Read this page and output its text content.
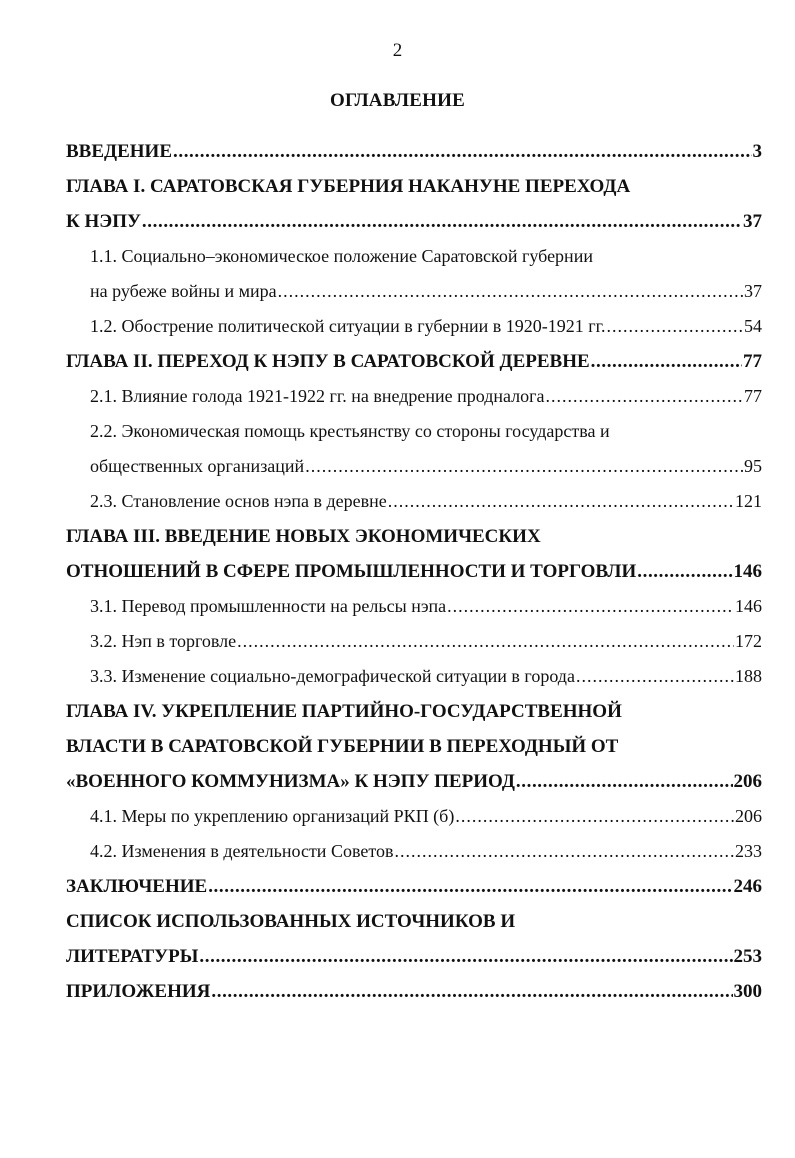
2
ОГЛАВЛЕНИЕ
ВВЕДЕНИЕ .....	3
ГЛАВА I. САРАТОВСКАЯ ГУБЕРНИЯ НАКАНУНЕ ПЕРЕХОДА
К НЭПУ .....	37
1.1. Социально–экономическое положение Саратовской губернии
на рубеже войны и мира .....	37
1.2. Обострение политической ситуации в губернии в 1920-1921 гг. .....	54
ГЛАВА II. ПЕРЕХОД К НЭПУ В САРАТОВСКОЙ ДЕРЕВНЕ .....	77
2.1. Влияние голода 1921-1922 гг. на внедрение продналога .....	77
2.2. Экономическая помощь крестьянству со стороны государства и
общественных организаций .....	95
2.3. Становление основ нэпа в деревне .....	121
ГЛАВА III. ВВЕДЕНИЕ НОВЫХ ЭКОНОМИЧЕСКИХ
ОТНОШЕНИЙ В СФЕРЕ ПРОМЫШЛЕННОСТИ И ТОРГОВЛИ .....	146
3.1. Перевод промышленности на рельсы нэпа .....	146
3.2. Нэп в торговле .....	172
3.3. Изменение социально-демографической ситуации в города .....	188
ГЛАВА IV. УКРЕПЛЕНИЕ ПАРТИЙНО-ГОСУДАРСТВЕННОЙ
ВЛАСТИ В САРАТОВСКОЙ ГУБЕРНИИ В ПЕРЕХОДНЫЙ ОТ
«ВОЕННОГО КОММУНИЗМА» К НЭПУ ПЕРИОД .....	206
4.1. Меры по укреплению организаций РКП (б) .....	206
4.2. Изменения в деятельности Советов .....	233
ЗАКЛЮЧЕНИЕ .....	246
СПИСОК ИСПОЛЬЗОВАННЫХ ИСТОЧНИКОВ И
ЛИТЕРАТУРЫ .....	253
ПРИЛОЖЕНИЯ .....	300
